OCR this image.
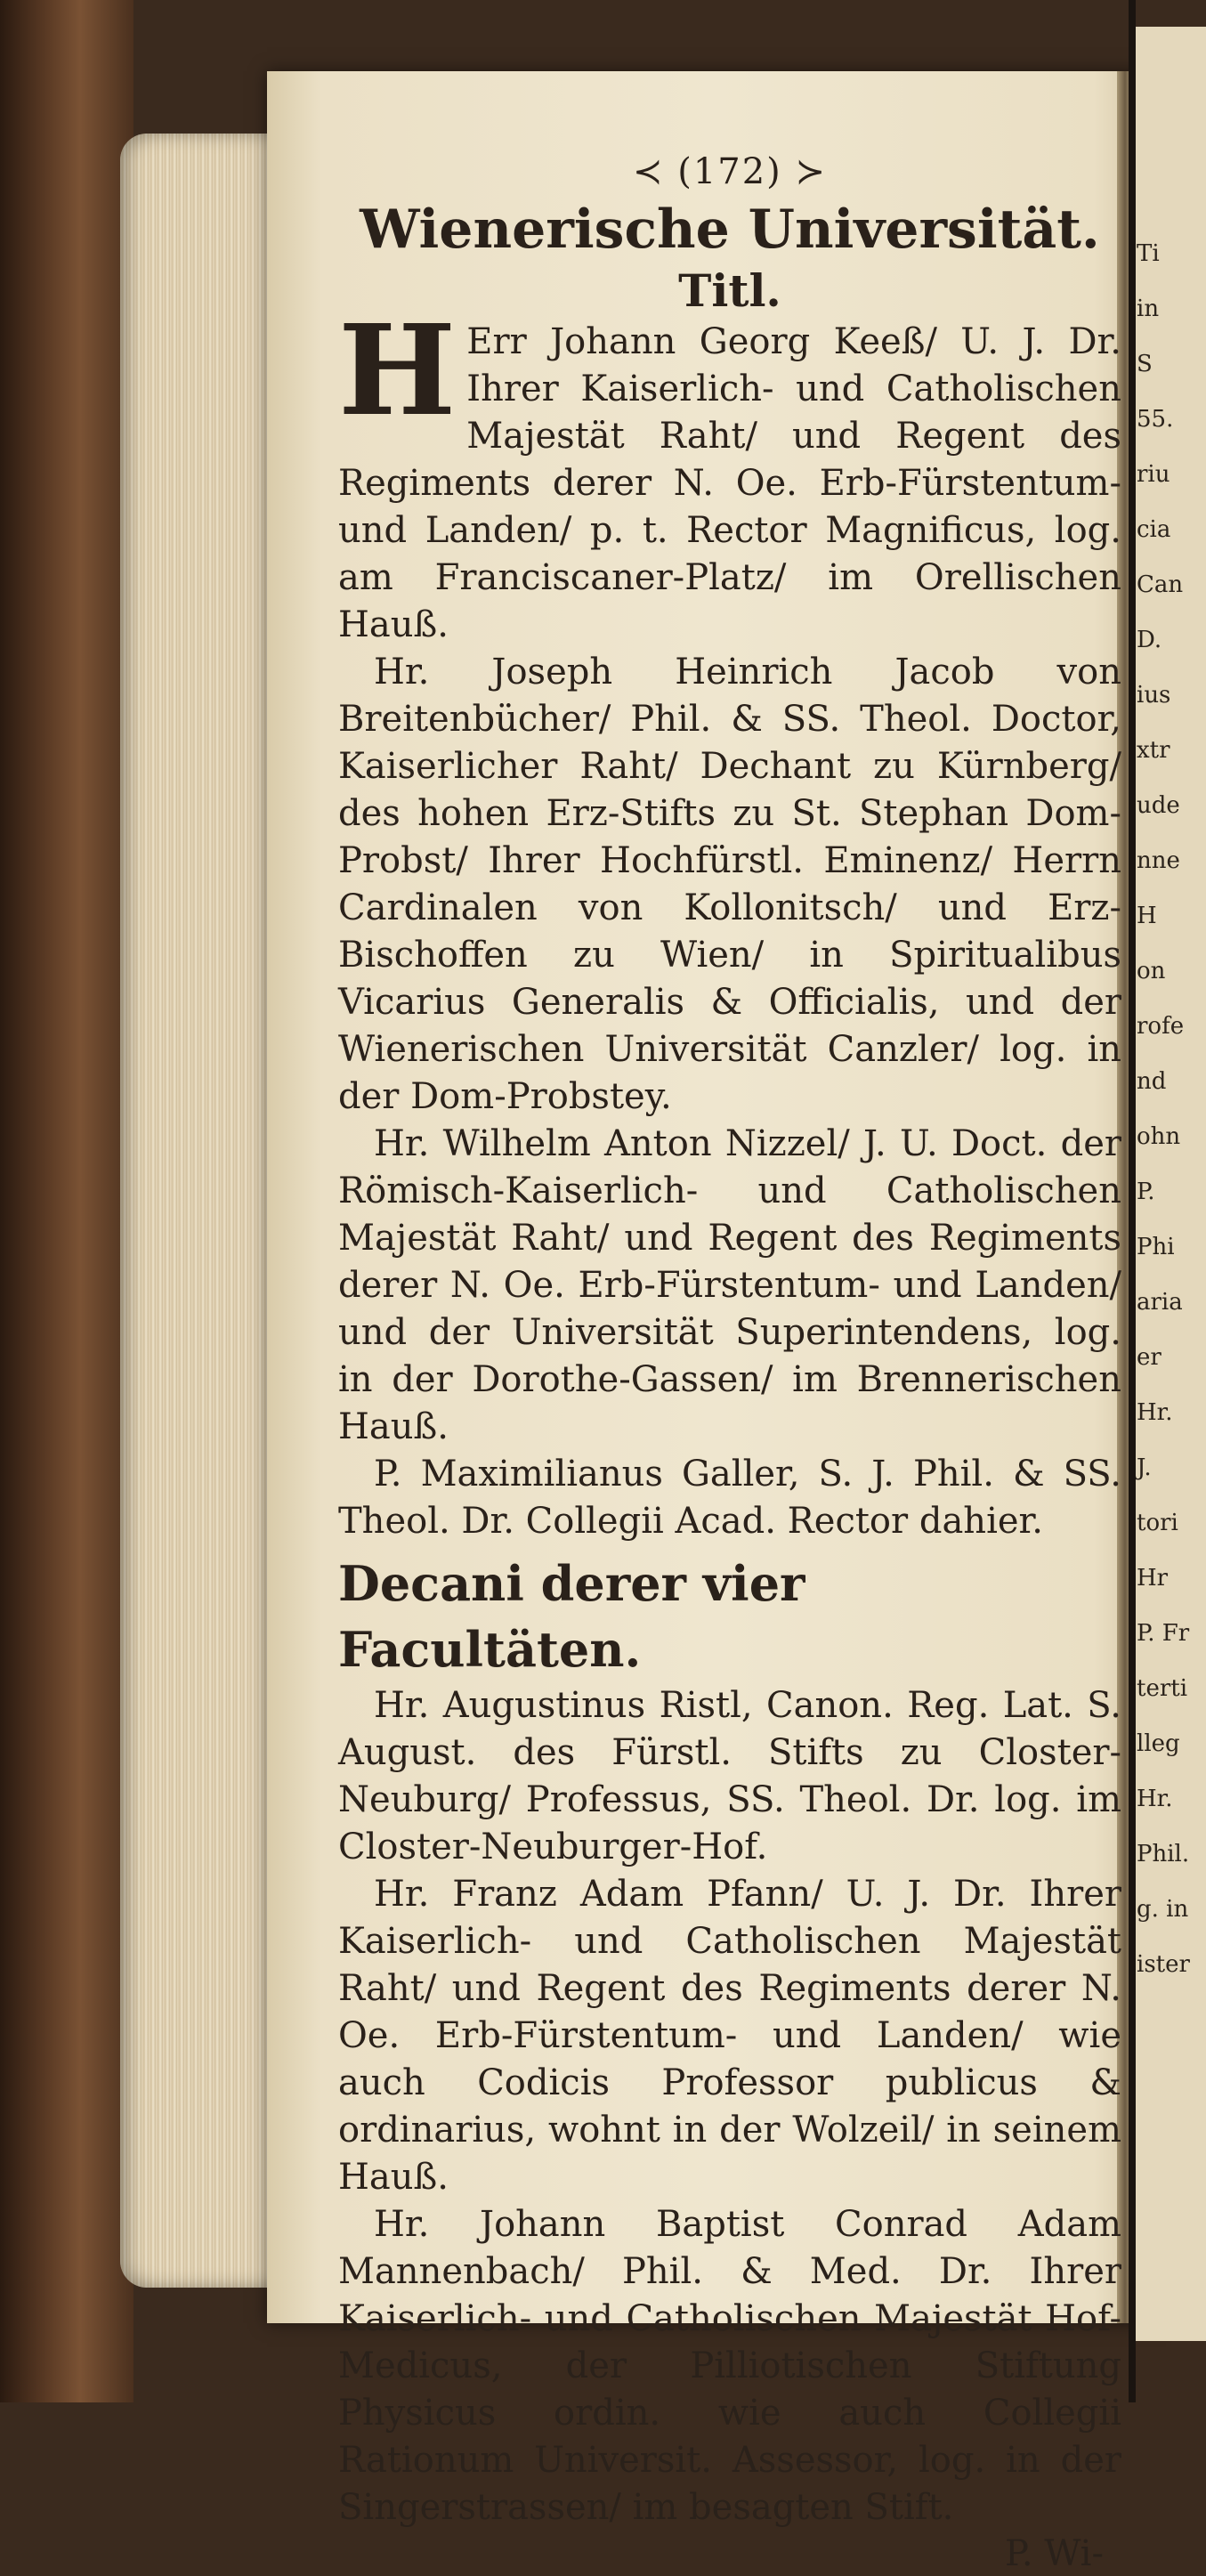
Ti
in
S
55.
riu
cia
Can
D.
ius
xtr
ude
nne
H
on
rofe
nd
ohn
P.
Phi
aria
er
Hr.
J.
tori
Hr
P. Fr
terti
lleg
Hr.
Phil.
g. in
ister
≺ (172) ≻
Wienerische Universität.
Titl.

HErr Johann Georg Keeß/ U. J. Dr. Ihrer Kaiserlich- und Catholischen Majestät Raht/ und Regent des Regiments derer N. Oe. Erb-Fürstentum- und Landen/ p. t. Rector Magnificus, log. am Franciscaner-Platz/ im Orellischen Hauß.

Hr. Joseph Heinrich Jacob von Breitenbücher/ Phil. & SS. Theol. Doctor, Kaiserlicher Raht/ Dechant zu Kürnberg/ des hohen Erz-Stifts zu St. Stephan Dom-Probst/ Ihrer Hochfürstl. Eminenz/ Herrn Cardinalen von Kollonitsch/ und Erz-Bischoffen zu Wien/ in Spiritualibus Vicarius Generalis & Officialis, und der Wienerischen Universität Canzler/ log. in der Dom-Probstey.

Hr. Wilhelm Anton Nizzel/ J. U. Doct. der Römisch-Kaiserlich- und Catholischen Majestät Raht/ und Regent des Regiments derer N. Oe. Erb-Fürstentum- und Landen/ und der Universität Superintendens, log. in der Dorothe-Gassen/ im Brennerischen Hauß.

P. Maximilianus Galler, S. J. Phil. & SS. Theol. Dr. Collegii Acad. Rector dahier.

Decani derer vier Facultäten.

Hr. Augustinus Ristl, Canon. Reg. Lat. S. August. des Fürstl. Stifts zu Closter-Neuburg/ Professus, SS. Theol. Dr. log. im Closter-Neuburger-Hof.

Hr. Franz Adam Pfann/ U. J. Dr. Ihrer Kaiserlich- und Catholischen Majestät Raht/ und Regent des Regiments derer N. Oe. Erb-Fürstentum- und Landen/ wie auch Codicis Professor publicus & ordinarius, wohnt in der Wolzeil/ in seinem Hauß.

Hr. Johann Baptist Conrad Adam Mannenbach/ Phil. & Med. Dr. Ihrer Kaiserlich- und Catholischen Majestät Hof-Medicus, der Pilliotischen Stiftung Physicus ordin. wie auch Collegii Rationum Universit. Assessor, log. in der Singerstrassen/ im besagten Stift.

P. Wi-
